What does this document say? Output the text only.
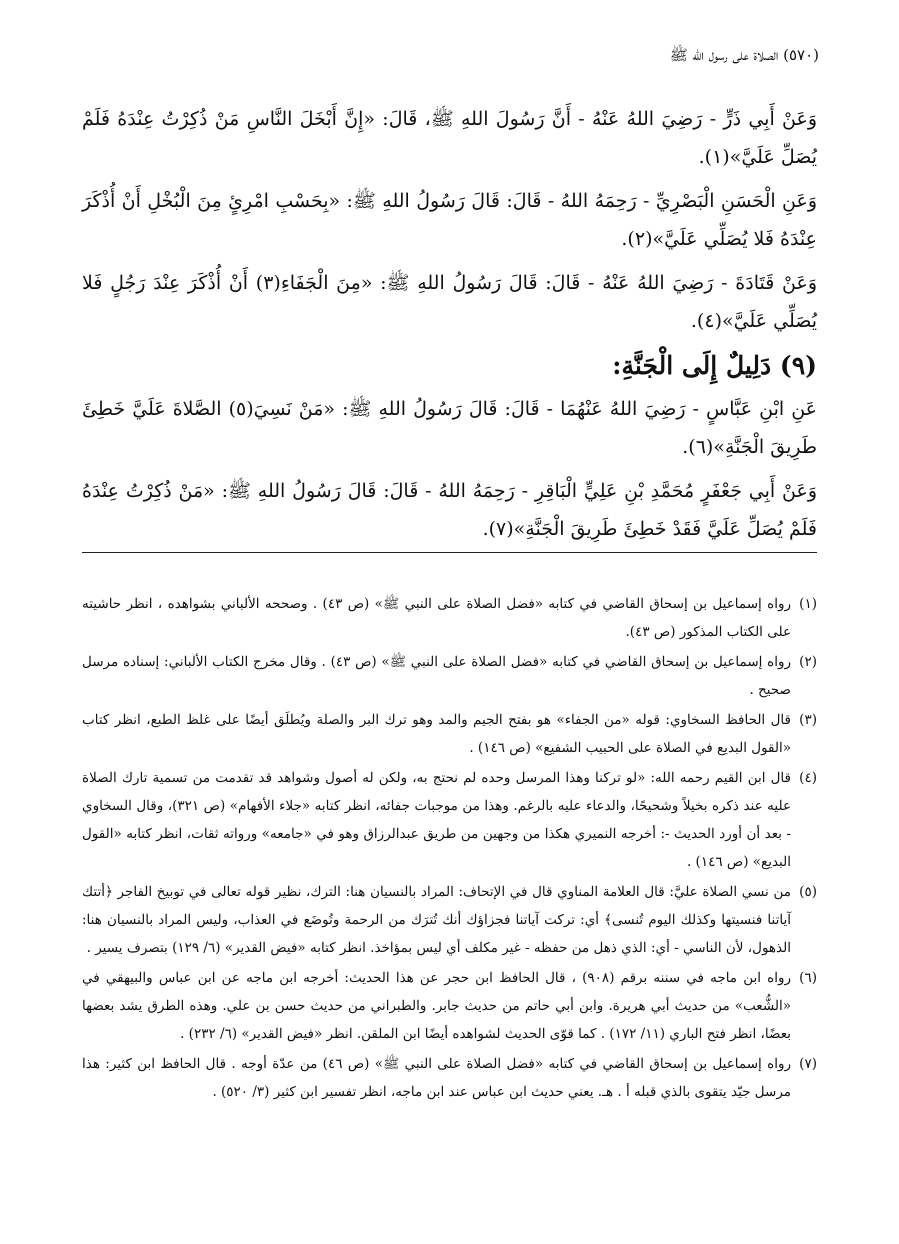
(٥٧٠) الصلاة على رسول الله ﷺ

وَعَنْ أَبِي ذَرٍّ - رَضِيَ اللهُ عَنْهُ - أَنَّ رَسُولَ اللهِ ﷺ، قَالَ: «إِنَّ أَبْخَلَ النَّاسِ مَنْ ذُكِرْتُ عِنْدَهُ فَلَمْ يُصَلِّ عَلَيَّ»(١).

وَعَنِ الْحَسَنِ الْبَصْرِيِّ - رَحِمَهُ اللهُ - قَالَ: قَالَ رَسُولُ اللهِ ﷺ: «بِحَسْبِ امْرِئٍ مِنَ الْبُخْلِ أَنْ أُذْكَرَ عِنْدَهُ فَلا يُصَلِّي عَلَيَّ»(٢).

وَعَنْ قَتَادَةَ - رَضِيَ اللهُ عَنْهُ - قَالَ: قَالَ رَسُولُ اللهِ ﷺ: «مِنَ الْجَفَاءِ(٣) أَنْ أُذْكَرَ عِنْدَ رَجُلٍ فَلا يُصَلِّي عَلَيَّ»(٤).

(٩) دَلِيلٌ إِلَى الْجَنَّةِ:

عَنِ ابْنِ عَبَّاسٍ - رَضِيَ اللهُ عَنْهُمَا - قَالَ: قَالَ رَسُولُ اللهِ ﷺ: «مَنْ نَسِيَ(٥) الصَّلاةَ عَلَيَّ خَطِئَ طَرِيقَ الْجَنَّةِ»(٦).

وَعَنْ أَبِي جَعْفَرٍ مُحَمَّدِ بْنِ عَلِيٍّ الْبَاقِرِ - رَحِمَهُ اللهُ - قَالَ: قَالَ رَسُولُ اللهِ ﷺ: «مَنْ ذُكِرْتُ عِنْدَهُ فَلَمْ يُصَلِّ عَلَيَّ فَقَدْ خَطِئَ طَرِيقَ الْجَنَّةِ»(٧).

(١)رواه إسماعيل بن إسحاق القاضي في كتابه «فضل الصلاة على النبي ﷺ» (ص ٤٣) . وصححه الألباني بشواهده ، انظر حاشيته على الكتاب المذكور (ص ٤٣).
(٢)رواه إسماعيل بن إسحاق القاضي في كتابه «فضل الصلاة على النبي ﷺ» (ص ٤٣) . وقال مخرج الكتاب الألباني: إسناده مرسل صحيح .
(٣)قال الحافظ السخاوي: قوله «من الجفاء» هو بفتح الجيم والمد وهو ترك البر والصلة ويُطلَق أيضًا على غلظ الطبع، انظر كتاب «القول البديع في الصلاة على الحبيب الشفيع» (ص ١٤٦) .
(٤)قال ابن القيم رحمه الله: «لو تركنا وهذا المرسل وحده لم نحتج به، ولكن له أصول وشواهد قد تقدمت من تسمية تارك الصلاة عليه عند ذكره بخيلاً وشحيحًا، والدعاء عليه بالرغم. وهذا من موجبات جفائه، انظر كتابه «جلاء الأفهام» (ص ٣٢١)، وقال السخاوي - بعد أن أورد الحديث -: أخرجه النميري هكذا من وجهين من طريق عبدالرزاق وهو في «جامعه» ورواته ثقات، انظر كتابه «القول البديع» (ص ١٤٦) .
(٥)من نسي الصلاة عليَّ: قال العلامة المناوي قال في الإتحاف: المراد بالنسيان هنا: الترك، نظير قوله تعالى في توبيخ الفاجر ﴿أتتك آياتنا فنسيتها وكذلك اليوم تُنسى﴾ أي: تركت آياتنا فجزاؤك أنك تُترَك من الرحمة وتُوضَع في العذاب، وليس المراد بالنسيان هنا: الذهول، لأن الناسي - أي: الذي ذهل من حفظه - غير مكلف أي ليس بمؤاخذ. انظر كتابه «فيض القدير» (٦/ ١٢٩) بتصرف يسير .
(٦)رواه ابن ماجه في سننه برقم (٩٠٨) ، قال الحافظ ابن حجر عن هذا الحديث: أخرجه ابن ماجه عن ابن عباس والبيهقي في «الشُّعب» من حديث أبي هريرة. وابن أبي حاتم من حديث جابر. والطبراني من حديث حسن بن علي. وهذه الطرق يشد بعضها بعضًا، انظر فتح الباري (١١/ ١٧٢) . كما قوّى الحديث لشواهده أيضًا ابن الملقن. انظر «فيض القدير» (٦/ ٢٣٢) .
(٧)رواه إسماعيل بن إسحاق القاضي في كتابه «فضل الصلاة على النبي ﷺ» (ص ٤٦) من عدّة أوجه . قال الحافظ ابن كثير: هذا مرسل جيّد يتقوى بالذي قبله أ . هـ. يعني حديث ابن عباس عند ابن ماجه، انظر تفسير ابن كثير (٣/ ٥٢٠) .
